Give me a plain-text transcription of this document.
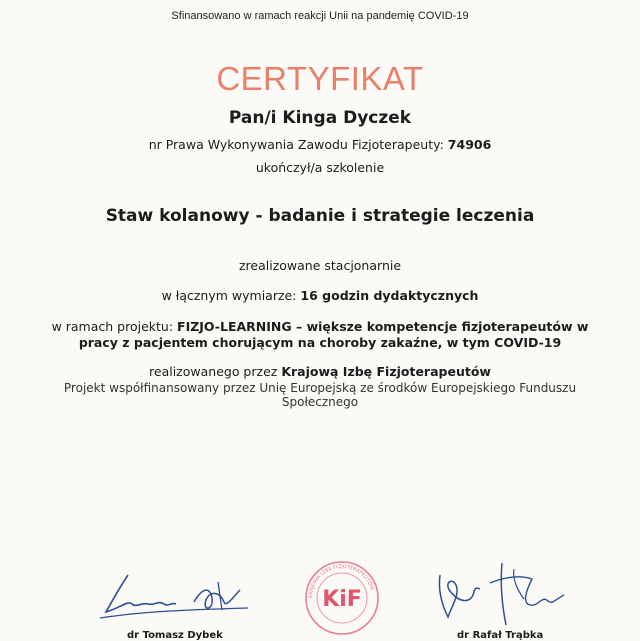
Sfinansowano w ramach reakcji Unii na pandemię COVID-19
CERTYFIKAT
Pan/i Kinga Dyczek
nr Prawa Wykonywania Zawodu Fizjoterapeuty: 74906
ukończył/a szkolenie
Staw kolanowy - badanie i strategie leczenia
zrealizowane stacjonarnie
w łącznym wymiarze: 16 godzin dydaktycznych
w ramach projektu: FIZJO-LEARNING – większe kompetencje fizjoterapeutów w
pracy z pacjentem chorującym na choroby zakaźne, w tym COVID-19
realizowanego przez Krajową Izbę Fizjoterapeutów
Projekt współfinansowany przez Unię Europejską ze środków Europejskiego Funduszu
Społecznego
KRAJOWA IZBA FIZJOTERAPEUTÓW
KiF
dr Tomasz Dybek	dr Rafał Trąbka
